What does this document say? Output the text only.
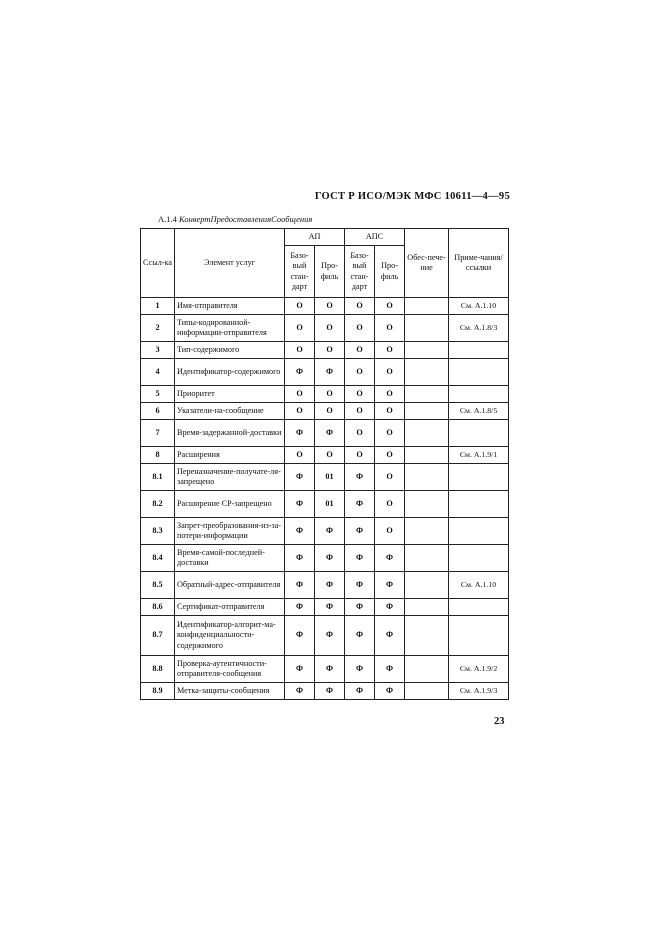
ГОСТ Р ИСО/МЭК МФС 10611—4—95
A.1.4 КонвертПредоставленияСообщения
Ссыл-ка	Элемент услуг	АП		АПС		Обес-пече-ние	Приме-чания/ ссылки
		Базо-вый стан-дарт	Про-филь	Базо-вый стан-дарт	Про-филь		
1	Имя-отправителя	О	О	О	О		См. А.1.10
2	Типы-кодированной-информации-отправителя	О	О	О	О		См. А.1.8/3
3	Тип-содержимого	О	О	О	О		
4	Идентификатор-содержимого	Ф	Ф	О	О		
5	Приоритет	О	О	О	О		
6	Указатели-на-сообщение	О	О	О	О		См. А.1.8/5
7	Время-задержанной-доставки	Ф	Ф	О	О		
8	Расширения	О	О	О	О		См. А.1.9/1
8.1	Переназначение-получате-ля-запрещено	Ф	01	Ф	О		
8.2	Расширение СР-запрещено	Ф	01	Ф	О		
8.3	Запрет-преобразования-из-за-потери-информации	Ф	Ф	Ф	О		
8.4	Время-самой-последней-доставки	Ф	Ф	Ф	Ф		
8.5	Обратный-адрес-отправителя	Ф	Ф	Ф	Ф		См. А.1.10
8.6	Сертификат-отправителя	Ф	Ф	Ф	Ф		
8.7	Идентификатор-алгорит-ма-конфиденциальности-содержимого	Ф	Ф	Ф	Ф		
8.8	Проверка-аутентичности-отправителя-сообщения	Ф	Ф	Ф	Ф		См. А.1.9/2
8.9	Метка-защиты-сообщения	Ф	Ф	Ф	Ф		См. А.1.9/3
23
